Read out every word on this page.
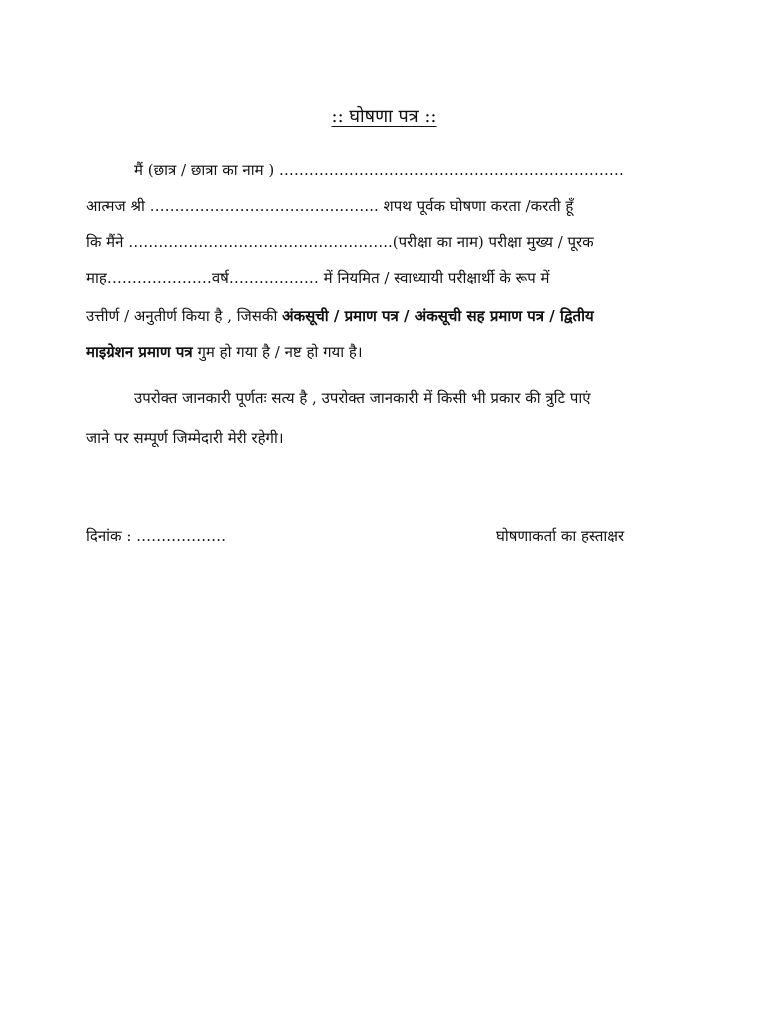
:: घोषणा पत्र ::
मैं (छात्र / छात्रा का नाम ) ……………………………………………………………
आत्मज श्री ………………………………..…….. शपथ पूर्वक घोषणा करता /करती हूँ
कि मैंने ……………………………………………..(परीक्षा का नाम) परीक्षा मुख्य / पूरक
माह…………………वर्ष……………… में नियमित / स्वाध्यायी परीक्षार्थी के रूप में
उत्तीर्ण / अनुतीर्ण किया है , जिसकी अंकसूची / प्रमाण पत्र / अंकसूची सह प्रमाण पत्र / द्वितीय
माइग्रेशन प्रमाण पत्र गुम हो गया है / नष्ट हो गया है।
उपरोक्त जानकारी पूर्णतः सत्य है , उपरोक्त जानकारी में किसी भी प्रकार की त्रुटि पाएं
जाने पर सम्पूर्ण जिम्मेदारी मेरी रहेगी।
दिनांक : ………………	घोषणाकर्ता का हस्ताक्षर
